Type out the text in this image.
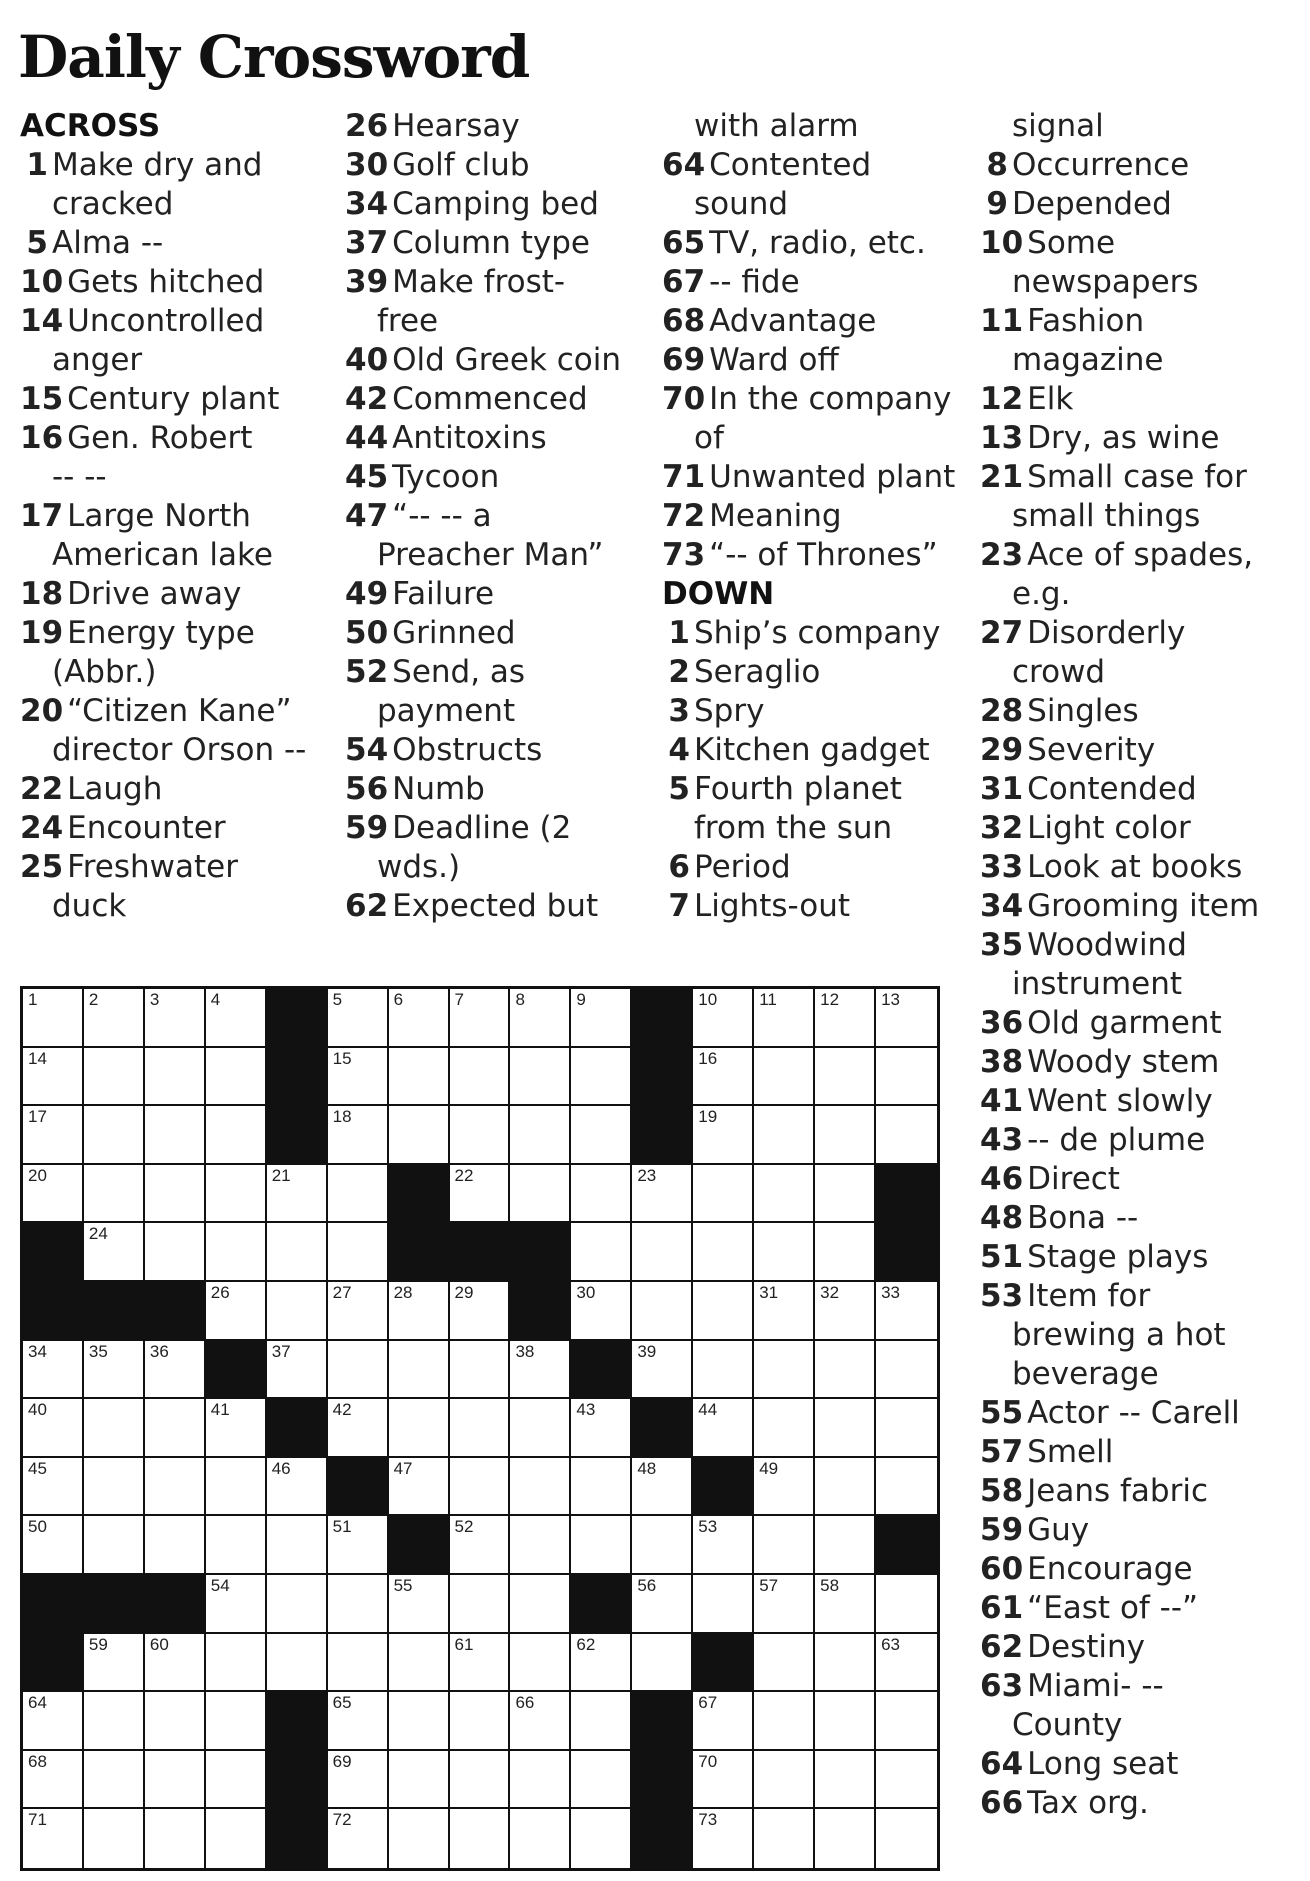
Daily Crossword
ACROSS
1 Make dry and
cracked
5 Alma --
10 Gets hitched
14 Uncontrolled
anger
15 Century plant
16 Gen. Robert
-- --
17 Large North
American lake
18 Drive away
19 Energy type
(Abbr.)
20 “Citizen Kane”
director Orson --
22 Laugh
24 Encounter
25 Freshwater
duck
26 Hearsay
30 Golf club
34 Camping bed
37 Column type
39 Make frost-
free
40 Old Greek coin
42 Commenced
44 Antitoxins
45 Tycoon
47 “-- -- a
Preacher Man”
49 Failure
50 Grinned
52 Send, as
payment
54 Obstructs
56 Numb
59 Deadline (2
wds.)
62 Expected but
with alarm
64 Contented
sound
65 TV, radio, etc.
67 -- fide
68 Advantage
69 Ward off
70 In the company
of
71 Unwanted plant
72 Meaning
73 “-- of Thrones”
DOWN
1 Ship’s company
2 Seraglio
3 Spry
4 Kitchen gadget
5 Fourth planet
from the sun
6 Period
7 Lights-out
signal
8 Occurrence
9 Depended
10 Some
newspapers
11 Fashion
magazine
12 Elk
13 Dry, as wine
21 Small case for
small things
23 Ace of spades,
e.g.
27 Disorderly
crowd
28 Singles
29 Severity
31 Contended
32 Light color
33 Look at books
34 Grooming item
35 Woodwind
instrument
36 Old garment
38 Woody stem
41 Went slowly
43 -- de plume
46 Direct
48 Bona --
51 Stage plays
53 Item for
brewing a hot
beverage
55 Actor -- Carell
57 Smell
58 Jeans fabric
59 Guy
60 Encourage
61 “East of --”
62 Destiny
63 Miami- --
County
64 Long seat
66 Tax org.
1	2	3	4	5	6	7	8	9	10 11	12 13
14	15	16
17	18	19
20	21	22	23
24
26	27 28 29	30	31 32 33
34 35 36	37	38	39
40	41	42	43	44
45	46	47	48	49
50	51	52	53
54	55	56	57 58
59 60	61	62	63
64	65	66	67
68	69	70
71	72	73
